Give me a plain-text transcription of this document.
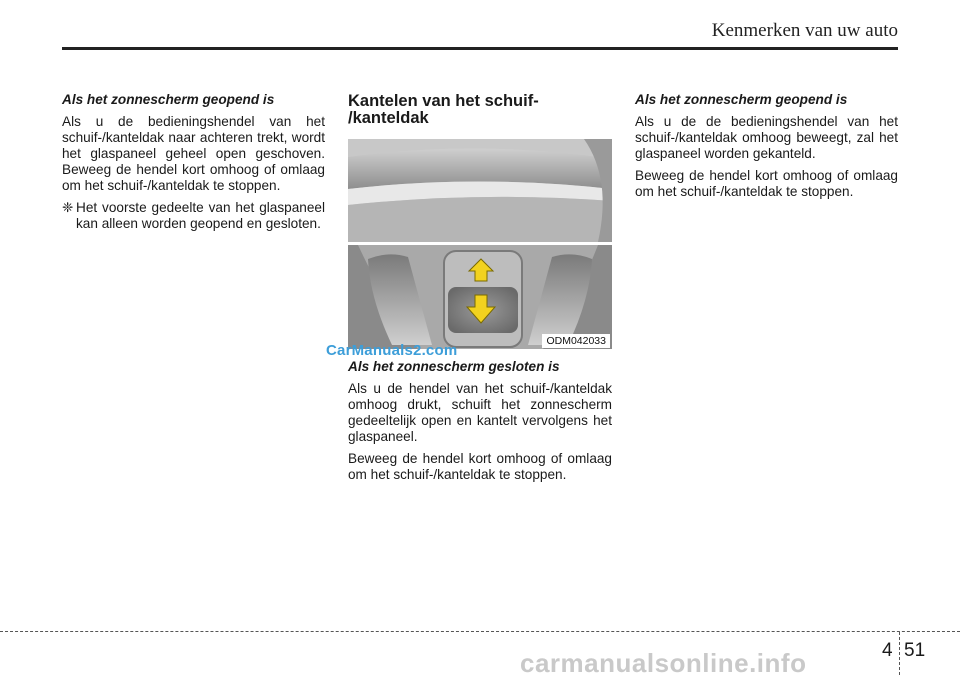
Kenmerken van uw auto

Als het zonnescherm geopend is

Als u de bedieningshendel van het schuif-/kanteldak naar achteren trekt, wordt het glaspaneel geheel open geschoven. Beweeg de hendel kort omhoog of omlaag om het schuif-/kanteldak te stoppen.

❈ Het voorste gedeelte van het glaspaneel kan alleen worden geopend en gesloten.
Kantelen van het schuif-
/kanteldak
ODM042033

Als het zonnescherm gesloten is

Als u de hendel van het schuif-/kanteldak omhoog drukt, schuift het zonnescherm gedeeltelijk open en kantelt vervolgens het glaspaneel.

Beweeg de hendel kort omhoog of omlaag om het schuif-/kanteldak te stoppen.

Als het zonnescherm geopend is

Als u de de bedieningshendel van het schuif-/kanteldak omhoog beweegt, zal het glaspaneel worden gekanteld.

Beweeg de hendel kort omhoog of omlaag om het schuif-/kanteldak te stoppen.

CarManuals2.com
4 51
carmanualsonline.info
